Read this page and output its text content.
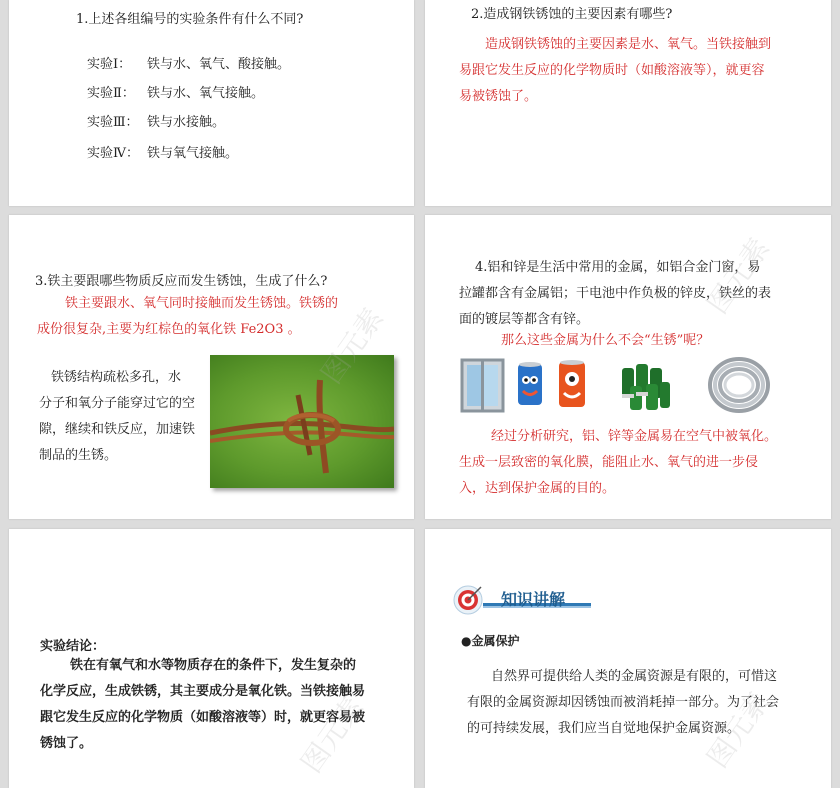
1.上述各组编号的实验条件有什么不同?
实验Ⅰ： 铁与水、氧气、酸接触。
实验Ⅱ： 铁与水、氧气接触。
实验Ⅲ： 铁与水接触。
实验Ⅳ： 铁与氧气接触。
2.造成钢铁锈蚀的主要因素有哪些?
造成钢铁锈蚀的主要因素是水、氧气。当铁接触到
易跟它发生反应的化学物质时（如酸溶液等），就更容
易被锈蚀了。
3.铁主要跟哪些物质反应而发生锈蚀，生成了什么?
铁主要跟水、氧气同时接触而发生锈蚀。铁锈的
成份很复杂,主要为红棕色的氧化铁 Fe2O3 。
铁锈结构疏松多孔，水
分子和氧分子能穿过它的空
隙，继续和铁反应，加速铁
制品的生锈。
图元素
4.铝和锌是生活中常用的金属，如铝合金门窗，易
拉罐都含有金属铝；干电池中作负极的锌皮，铁丝的表
面的镀层等都含有锌。
那么这些金属为什么不会“生锈”呢？
经过分析研究，铝、锌等金属易在空气中被氧化。
生成一层致密的氧化膜，能阻止水、氧气的进一步侵
入，达到保护金属的目的。
图元素
实验结论：
铁在有氧气和水等物质存在的条件下，发生复杂的
化学反应，生成铁锈，其主要成分是氧化铁。当铁接触易
跟它发生反应的化学物质（如酸溶液等）时，就更容易被
锈蚀了。	图元素
知识讲解
●金属保护
自然界可提供给人类的金属资源是有限的，可惜这
有限的金属资源却因锈蚀而被消耗掉一部分。为了社会
的可持续发展，我们应当自觉地保护金属资源。
图元素
